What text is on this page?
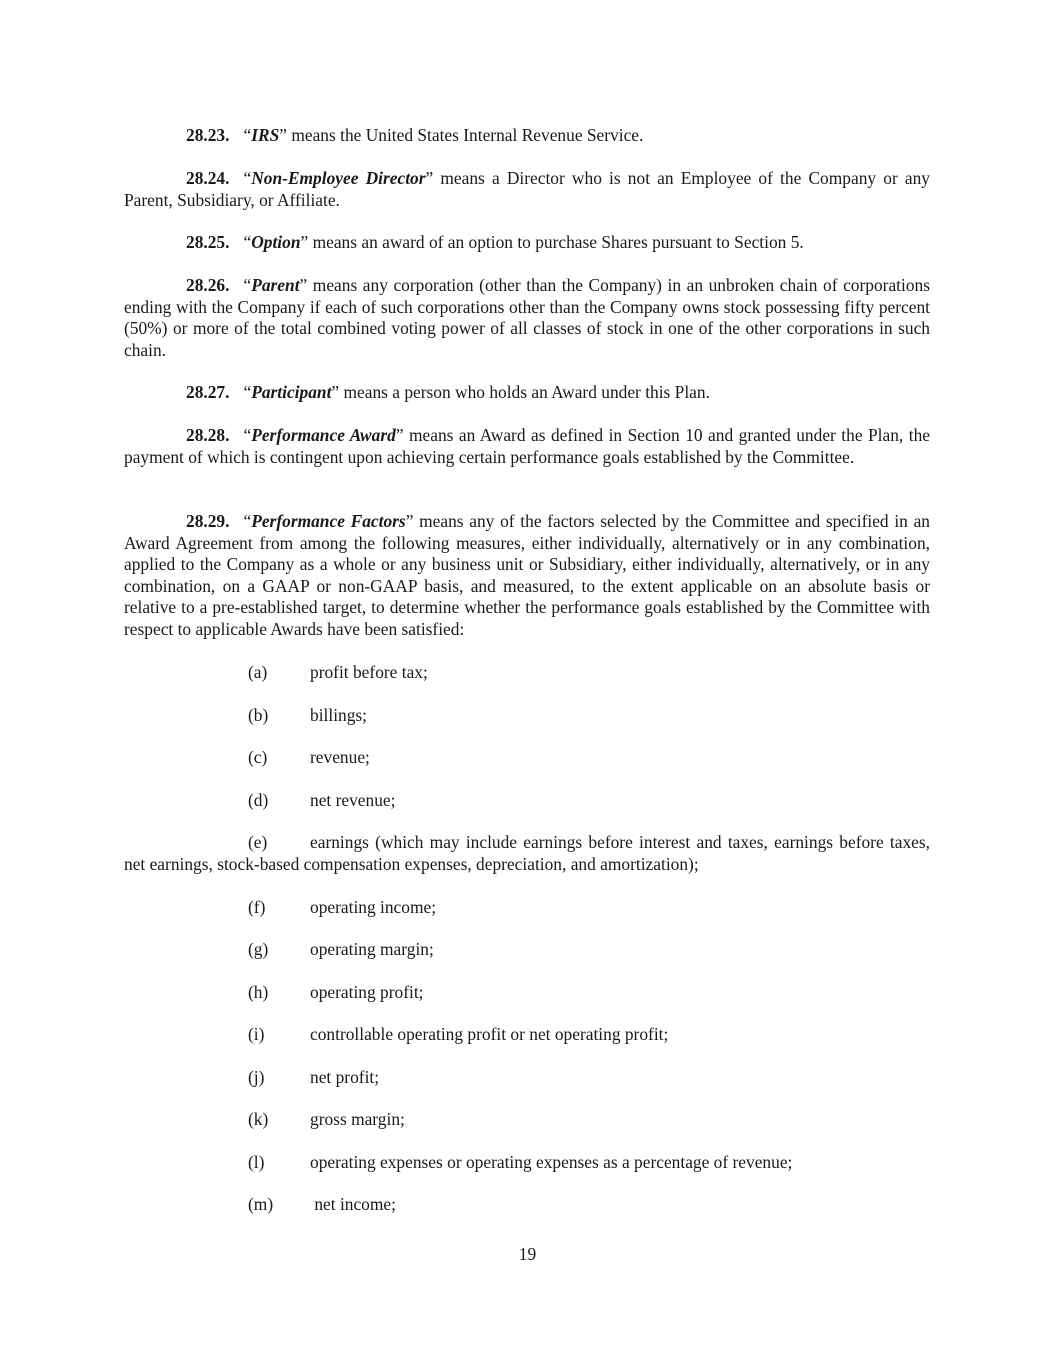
28.23. “IRS” means the United States Internal Revenue Service.

28.24. “Non-Employee Director” means a Director who is not an Employee of the Company or any Parent, Subsidiary, or Affiliate.

28.25. “Option” means an award of an option to purchase Shares pursuant to Section 5.

28.26. “Parent” means any corporation (other than the Company) in an unbroken chain of corporations ending with the Company if each of such corporations other than the Company owns stock possessing fifty percent (50%) or more of the total combined voting power of all classes of stock in one of the other corporations in such chain.

28.27. “Participant” means a person who holds an Award under this Plan.

28.28. “Performance Award” means an Award as defined in Section 10 and granted under the Plan, the payment of which is contingent upon achieving certain performance goals established by the Committee.

28.29. “Performance Factors” means any of the factors selected by the Committee and specified in an Award Agreement from among the following measures, either individually, alternatively or in any combination, applied to the Company as a whole or any business unit or Subsidiary, either individually, alternatively, or in any combination, on a GAAP or non-GAAP basis, and measured, to the extent applicable on an absolute basis or relative to a pre-established target, to determine whether the performance goals established by the Committee with respect to applicable Awards have been satisfied:

(a) profit before tax;

(b) billings;

(c) revenue;

(d) net revenue;

(e) earnings (which may include earnings before interest and taxes, earnings before taxes, net earnings, stock-based compensation expenses, depreciation, and amortization);

(f)	operating income;

(g) operating margin;

(h) operating profit;

(i)	controllable operating profit or net operating profit;

(j)	net profit;

(k) gross margin;

(l)	operating expenses or operating expenses as a percentage of revenue;

(m) net income;

19
